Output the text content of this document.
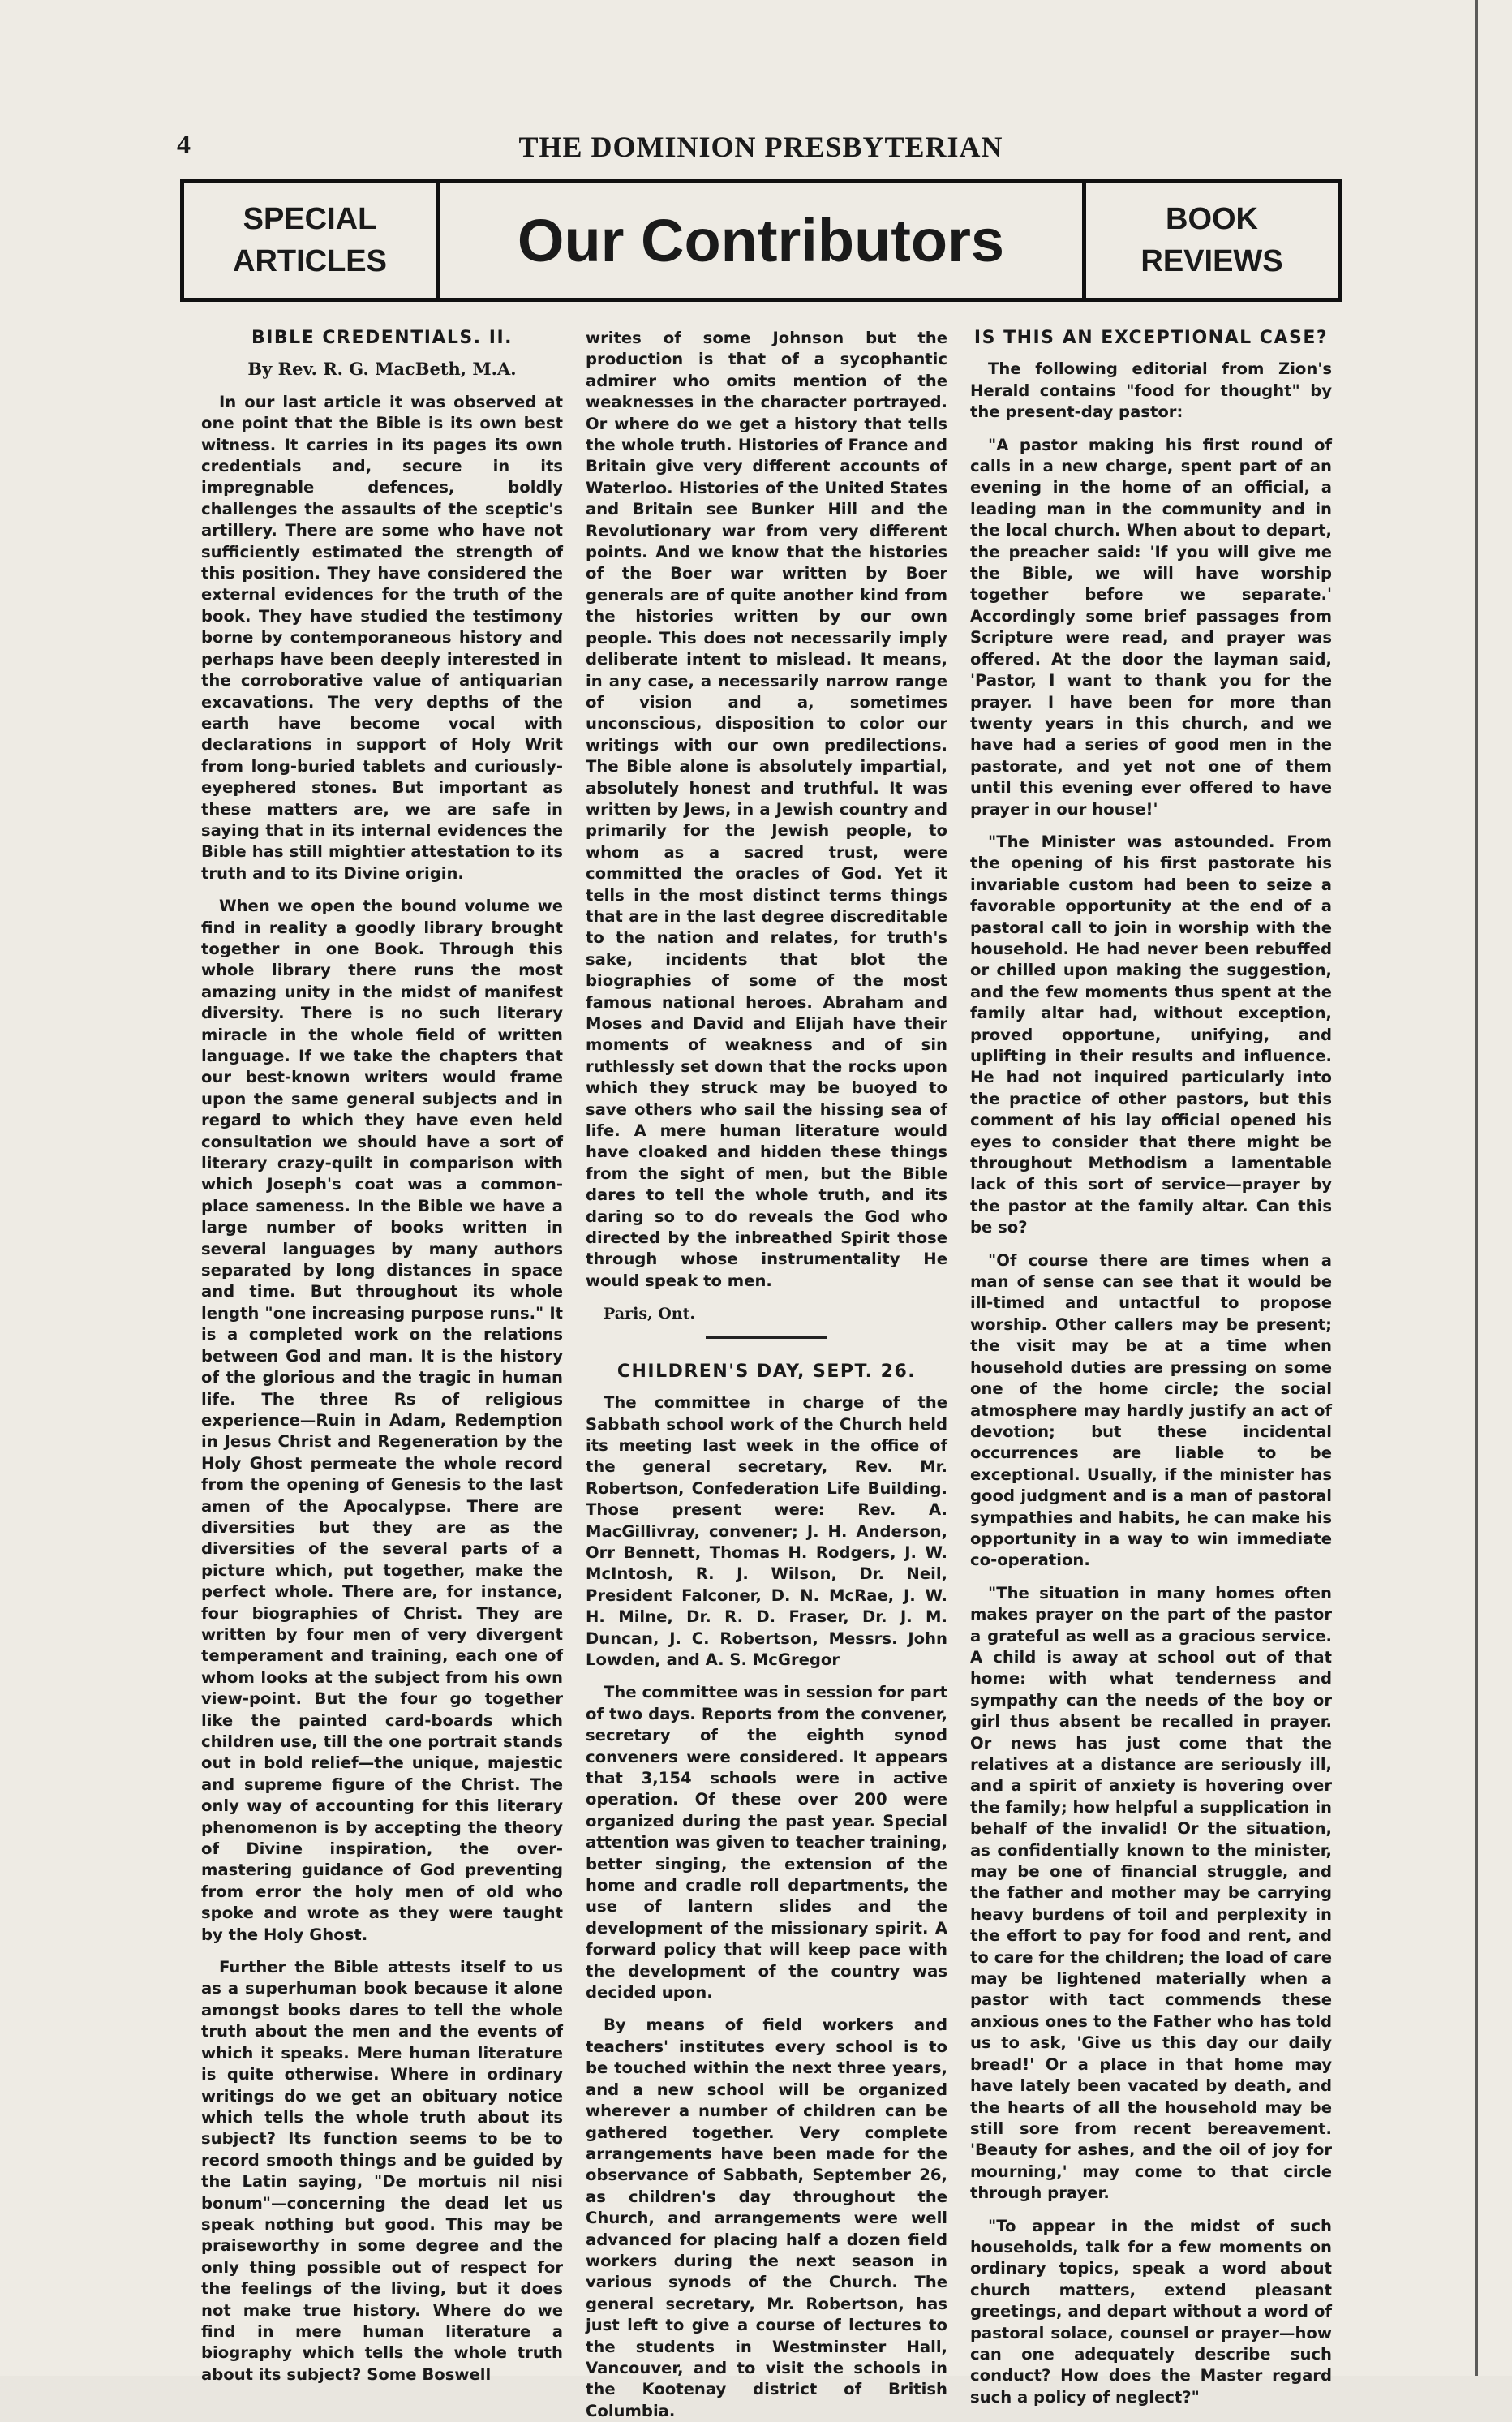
4	THE DOMINION PRESBYTERIAN
SPECIAL
ARTICLES	Our Contributors	BOOK
REVIEWS
BIBLE CREDENTIALS. II.
By Rev. R. G. MacBeth, M.A.

In our last article it was observed at one point that the Bible is its own best witness. It carries in its pages its own credentials and, secure in its impregnable defences, boldly challenges the assaults of the sceptic's artillery. There are some who have not sufficiently estimated the strength of this position. They have considered the external evidences for the truth of the book. They have studied the testimony borne by contemporaneous history and perhaps have been deeply interested in the corroborative value of antiquarian excavations. The very depths of the earth have become vocal with declarations in support of Holy Writ from long-buried tablets and curiously-eyephered stones. But important as these matters are, we are safe in saying that in its internal evidences the Bible has still mightier attestation to its truth and to its Divine origin.

When we open the bound volume we find in reality a goodly library brought together in one Book. Through this whole library there runs the most amazing unity in the midst of manifest diversity. There is no such literary miracle in the whole field of written language. If we take the chapters that our best-known writers would frame upon the same general subjects and in regard to which they have even held consultation we should have a sort of literary crazy-quilt in comparison with which Joseph's coat was a common-place sameness. In the Bible we have a large number of books written in several languages by many authors separated by long distances in space and time. But throughout its whole length "one increasing purpose runs." It is a completed work on the relations between God and man. It is the history of the glorious and the tragic in human life. The three Rs of religious experience—Ruin in Adam, Redemption in Jesus Christ and Regeneration by the Holy Ghost permeate the whole record from the opening of Genesis to the last amen of the Apocalypse. There are diversities but they are as the diversities of the several parts of a picture which, put together, make the perfect whole. There are, for instance, four biographies of Christ. They are written by four men of very divergent temperament and training, each one of whom looks at the subject from his own view-point. But the four go together like the painted card-boards which children use, till the one portrait stands out in bold relief—the unique, majestic and supreme figure of the Christ. The only way of accounting for this literary phenomenon is by accepting the theory of Divine inspiration, the over-mastering guidance of God preventing from error the holy men of old who spoke and wrote as they were taught by the Holy Ghost.

Further the Bible attests itself to us as a superhuman book because it alone amongst books dares to tell the whole truth about the men and the events of which it speaks. Mere human literature is quite otherwise. Where in ordinary writings do we get an obituary notice which tells the whole truth about its subject? Its function seems to be to record smooth things and be guided by the Latin saying, "De mortuis nil nisi bonum"—concerning the dead let us speak nothing but good. This may be praiseworthy in some degree and the only thing possible out of respect for the feelings of the living, but it does not make true history. Where do we find in mere human literature a biography which tells the whole truth about its subject? Some Boswell

writes of some Johnson but the production is that of a sycophantic admirer who omits mention of the weaknesses in the character portrayed. Or where do we get a history that tells the whole truth. Histories of France and Britain give very different accounts of Waterloo. Histories of the United States and Britain see Bunker Hill and the Revolutionary war from very different points. And we know that the histories of the Boer war written by Boer generals are of quite another kind from the histories written by our own people. This does not necessarily imply deliberate intent to mislead. It means, in any case, a necessarily narrow range of vision and a, sometimes unconscious, disposition to color our writings with our own predilections. The Bible alone is absolutely impartial, absolutely honest and truthful. It was written by Jews, in a Jewish country and primarily for the Jewish people, to whom as a sacred trust, were committed the oracles of God. Yet it tells in the most distinct terms things that are in the last degree discreditable to the nation and relates, for truth's sake, incidents that blot the biographies of some of the most famous national heroes. Abraham and Moses and David and Elijah have their moments of weakness and of sin ruthlessly set down that the rocks upon which they struck may be buoyed to save others who sail the hissing sea of life. A mere human literature would have cloaked and hidden these things from the sight of men, but the Bible dares to tell the whole truth, and its daring so to do reveals the God who directed by the inbreathed Spirit those through whose instrumentality He would speak to men.

Paris, Ont.
CHILDREN'S DAY, SEPT. 26.

The committee in charge of the Sabbath school work of the Church held its meeting last week in the office of the general secretary, Rev. Mr. Robertson, Confederation Life Building. Those present were: Rev. A. MacGillivray, convener; J. H. Anderson, Orr Bennett, Thomas H. Rodgers, J. W. McIntosh, R. J. Wilson, Dr. Neil, President Falconer, D. N. McRae, J. W. H. Milne, Dr. R. D. Fraser, Dr. J. M. Duncan, J. C. Robertson, Messrs. John Lowden, and A. S. McGregor

The committee was in session for part of two days. Reports from the convener, secretary of the eighth synod conveners were considered. It appears that 3,154 schools were in active operation. Of these over 200 were organized during the past year. Special attention was given to teacher training, better singing, the extension of the home and cradle roll departments, the use of lantern slides and the development of the missionary spirit. A forward policy that will keep pace with the development of the country was decided upon.

By means of field workers and teachers' institutes every school is to be touched within the next three years, and a new school will be organized wherever a number of children can be gathered together. Very complete arrangements have been made for the observance of Sabbath, September 26, as children's day throughout the Church, and arrangements were well advanced for placing half a dozen field workers during the next season in various synods of the Church. The general secretary, Mr. Robertson, has just left to give a course of lectures to the students in Westminster Hall, Vancouver, and to visit the schools in the Kootenay district of British Columbia.

IS THIS AN EXCEPTIONAL CASE?

The following editorial from Zion's Herald contains "food for thought" by the present-day pastor:

"A pastor making his first round of calls in a new charge, spent part of an evening in the home of an official, a leading man in the community and in the local church. When about to depart, the preacher said: 'If you will give me the Bible, we will have worship together before we separate.' Accordingly some brief passages from Scripture were read, and prayer was offered. At the door the layman said, 'Pastor, I want to thank you for the prayer. I have been for more than twenty years in this church, and we have had a series of good men in the pastorate, and yet not one of them until this evening ever offered to have prayer in our house!'

"The Minister was astounded. From the opening of his first pastorate his invariable custom had been to seize a favorable opportunity at the end of a pastoral call to join in worship with the household. He had never been rebuffed or chilled upon making the suggestion, and the few moments thus spent at the family altar had, without exception, proved opportune, unifying, and uplifting in their results and influence. He had not inquired particularly into the practice of other pastors, but this comment of his lay official opened his eyes to consider that there might be throughout Methodism a lamentable lack of this sort of service—prayer by the pastor at the family altar. Can this be so?

"Of course there are times when a man of sense can see that it would be ill-timed and untactful to propose worship. Other callers may be present; the visit may be at a time when household duties are pressing on some one of the home circle; the social atmosphere may hardly justify an act of devotion; but these incidental occurrences are liable to be exceptional. Usually, if the minister has good judgment and is a man of pastoral sympathies and habits, he can make his opportunity in a way to win immediate co-operation.

"The situation in many homes often makes prayer on the part of the pastor a grateful as well as a gracious service. A child is away at school out of that home: with what tenderness and sympathy can the needs of the boy or girl thus absent be recalled in prayer. Or news has just come that the relatives at a distance are seriously ill, and a spirit of anxiety is hovering over the family; how helpful a supplication in behalf of the invalid! Or the situation, as confidentially known to the minister, may be one of financial struggle, and the father and mother may be carrying heavy burdens of toil and perplexity in the effort to pay for food and rent, and to care for the children; the load of care may be lightened materially when a pastor with tact commends these anxious ones to the Father who has told us to ask, 'Give us this day our daily bread!' Or a place in that home may have lately been vacated by death, and the hearts of all the household may be still sore from recent bereavement. 'Beauty for ashes, and the oil of joy for mourning,' may come to that circle through prayer.

"To appear in the midst of such households, talk for a few moments on ordinary topics, speak a word about church matters, extend pleasant greetings, and depart without a word of pastoral solace, counsel or prayer—how can one adequately describe such conduct? How does the Master regard such a policy of neglect?"
